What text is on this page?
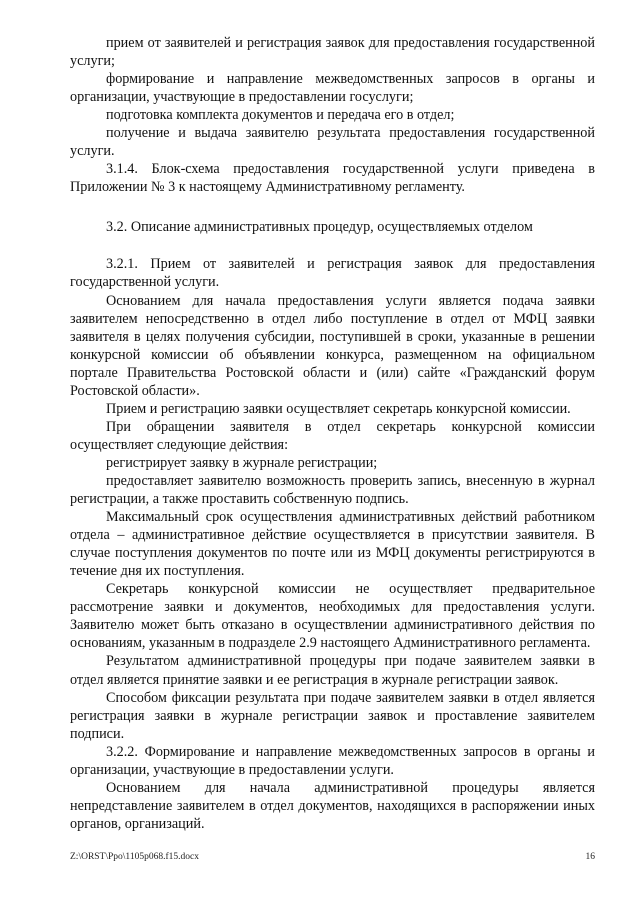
прием от заявителей и регистрация заявок для предоставления государственной услуги;

формирование и направление межведомственных запросов в органы и организации, участвующие в предоставлении госуслуги;

подготовка комплекта документов и передача его в отдел;

получение и выдача заявителю результата предоставления государственной услуги.

3.1.4. Блок-схема предоставления государственной услуги приведена в Приложении № 3 к настоящему Административному регламенту.

3.2. Описание административных процедур, осуществляемых отделом

3.2.1. Прием от заявителей и регистрация заявок для предоставления государственной услуги.

Основанием для начала предоставления услуги является подача заявки заявителем непосредственно в отдел либо поступление в отдел от МФЦ заявки заявителя в целях получения субсидии, поступившей в сроки, указанные в решении конкурсной комиссии об объявлении конкурса, размещенном на официальном портале Правительства Ростовской области и (или) сайте «Гражданский форум Ростовской области».

Прием и регистрацию заявки осуществляет секретарь конкурсной комиссии.

При обращении заявителя в отдел секретарь конкурсной комиссии осуществляет следующие действия:

регистрирует заявку в журнале регистрации;

предоставляет заявителю возможность проверить запись, внесенную в журнал регистрации, а также проставить собственную подпись.

Максимальный срок осуществления административных действий работником отдела – административное действие осуществляется в присутствии заявителя. В случае поступления документов по почте или из МФЦ документы регистрируются в течение дня их поступления.

Секретарь конкурсной комиссии не осуществляет предварительное рассмотрение заявки и документов, необходимых для предоставления услуги. Заявителю может быть отказано в осуществлении административного действия по основаниям, указанным в подразделе 2.9 настоящего Административного регламента.

Результатом административной процедуры при подаче заявителем заявки в отдел является принятие заявки и ее регистрация в журнале регистрации заявок.

Способом фиксации результата при подаче заявителем заявки в отдел является регистрация заявки в журнале регистрации заявок и проставление заявителем подписи.

3.2.2. Формирование и направление межведомственных запросов в органы и организации, участвующие в предоставлении услуги.

Основанием для начала административной процедуры является непредставление заявителем в отдел документов, находящихся в распоряжении иных органов, организаций.

Z:\ORST\Ppo\1105p068.f15.docx	16
